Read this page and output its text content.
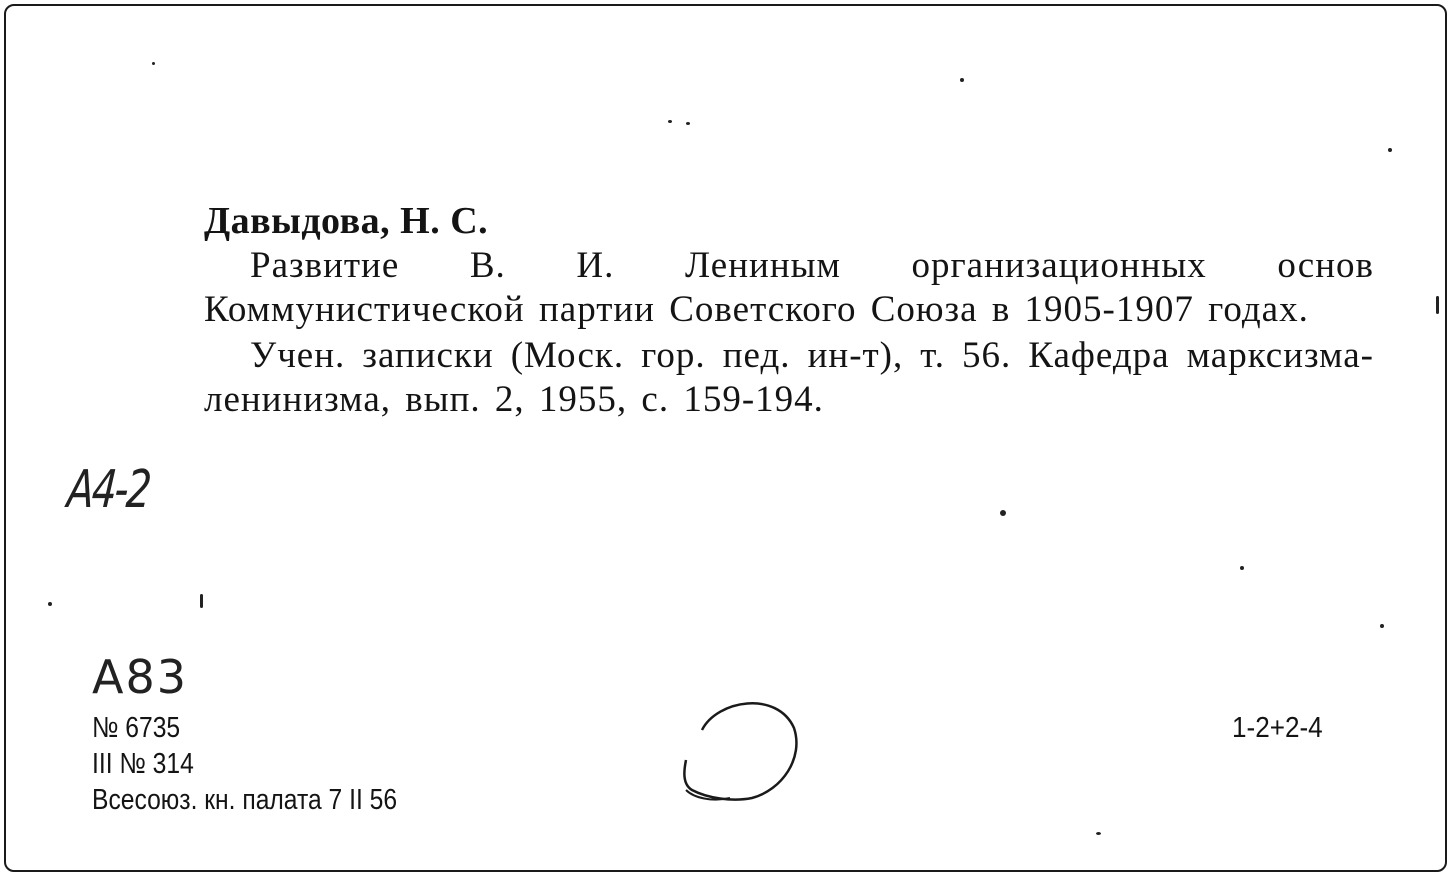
Давыдова, Н. С.
Развитие В. И. Лениным организационных основ Коммунистической партии Советского Союза в 1905-1907 годах.
Учен. записки (Моск. гор. пед. ин-т), т. 56. Кафедра марксизма-ленинизма, вып. 2, 1955, с. 159-194.
А4-2
А83
№ 6735
III № 314
Всесоюз. кн. палата 7 II 56
1-2+2-4
